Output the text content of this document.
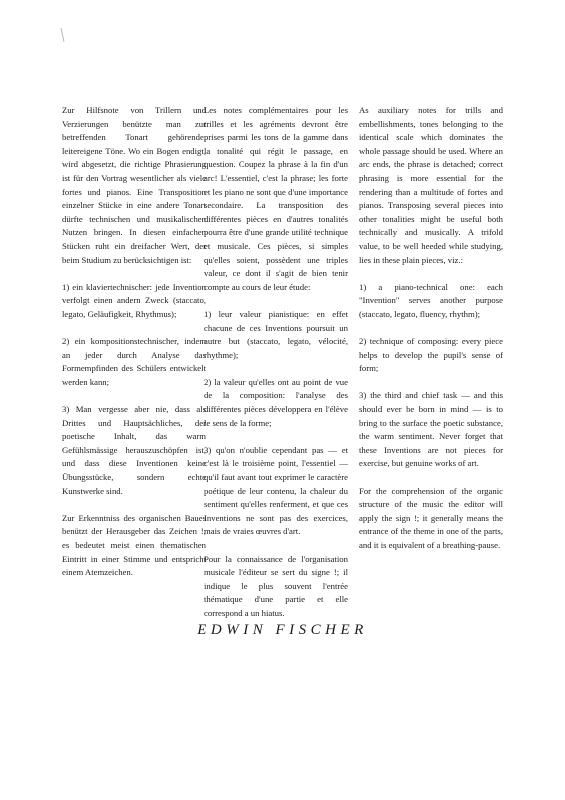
Zur Hilfsnote von Trillern und Verzierungen benützte man zur betreffenden Tonart gehörende, leitereigene Töne. Wo ein Bogen endigt, wird abgesetzt, die richtige Phrasierung ist für den Vortrag wesentlicher als viele fortes und pianos. Eine Transposition einzelner Stücke in eine andere Tonart dürfte technischen und musikalischen Nutzen bringen. In diesen einfachen Stücken ruht ein dreifacher Wert, der beim Studium zu berücksichtigen ist:

1) ein klaviertechnischer: jede Invention verfolgt einen andern Zweck (staccato, legato, Geläufigkeit, Rhythmus);

2) ein kompositionstechnischer, indem an jeder durch Analyse das Formempfinden des Schülers entwickelt werden kann;

3) Man vergesse aber nie, dass als Drittes und Hauptsächliches, der poetische Inhalt, das warm Gefühlsmässige herauszuschöpfen ist, und dass diese Inventionen keine Übungsstücke, sondern echte Kunstwerke sind.

Zur Erkenntniss des organischen Baues benützt der Herausgeber das Zeichen !; es bedeutet meist einen thematischen Eintritt in einer Stimme und entspricht einem Atemzeichen.

Les notes complémentaires pour les trilles et les agréments devront être prises parmi les tons de la gamme dans la tonalité qui régit le passage, en question. Coupez la phrase à la fin d'un arc! L'essentiel, c'est la phrase; les forte et les piano ne sont que d'une importance secondaire. La transposition des différentes pièces en d'autres tonalités pourra être d'une grande utilité technique et musicale. Ces pièces, si simples qu'elles soient, possèdent une triples valeur, ce dont il s'agit de bien tenir compte au cours de leur étude:

1) leur valeur pianistique: en effet chacune de ces Inventions poursuit un autre but (staccato, legato, vélocité, rhythme);

2) la valeur qu'elles ont au point de vue de la composition: l'analyse des différentes pièces développera en l'élève le sens de la forme;

3) qu'on n'oublie cependant pas — et c'est là le troisième point, l'essentiel — qu'il faut avant tout exprimer le caractère poétique de leur contenu, la chaleur du sentiment qu'elles renferment, et que ces Inventions ne sont pas des exercices, mais de vraies œuvres d'art.

Pour la connaissance de l'organisation musicale l'éditeur se sert du signe !; il indique le plus souvent l'entrée thématique d'une partie et elle correspond a un hiatus.

As auxiliary notes for trills and embellishments, tones belonging to the identical scale which dominates the whole passage should be used. Where an arc ends, the phrase is detached; correct phrasing is more essential for the rendering than a multitude of fortes and pianos. Transposing several pieces into other tonalities might be useful both technically and musically. A trifold value, to be well heeded while studying, lies in these plain pieces, viz.:

1) a piano-technical one: each "Invention" serves another purpose (staccato, legato, fluency, rhythm);

2) technique of composing: every piece helps to develop the pupil's sense of form;

3) the third and chief task — and this should ever be born in mind — is to bring to the surface the poetic substance, the warm sentiment. Never forget that these Inventions are not pieces for exercise, but genuine works of art.

For the comprehension of the organic structure of the music the editor will apply the sign !; it generally means the entrance of the theme in one of the parts, and it is equivalent of a breathing-pause.

EDWIN FISCHER
